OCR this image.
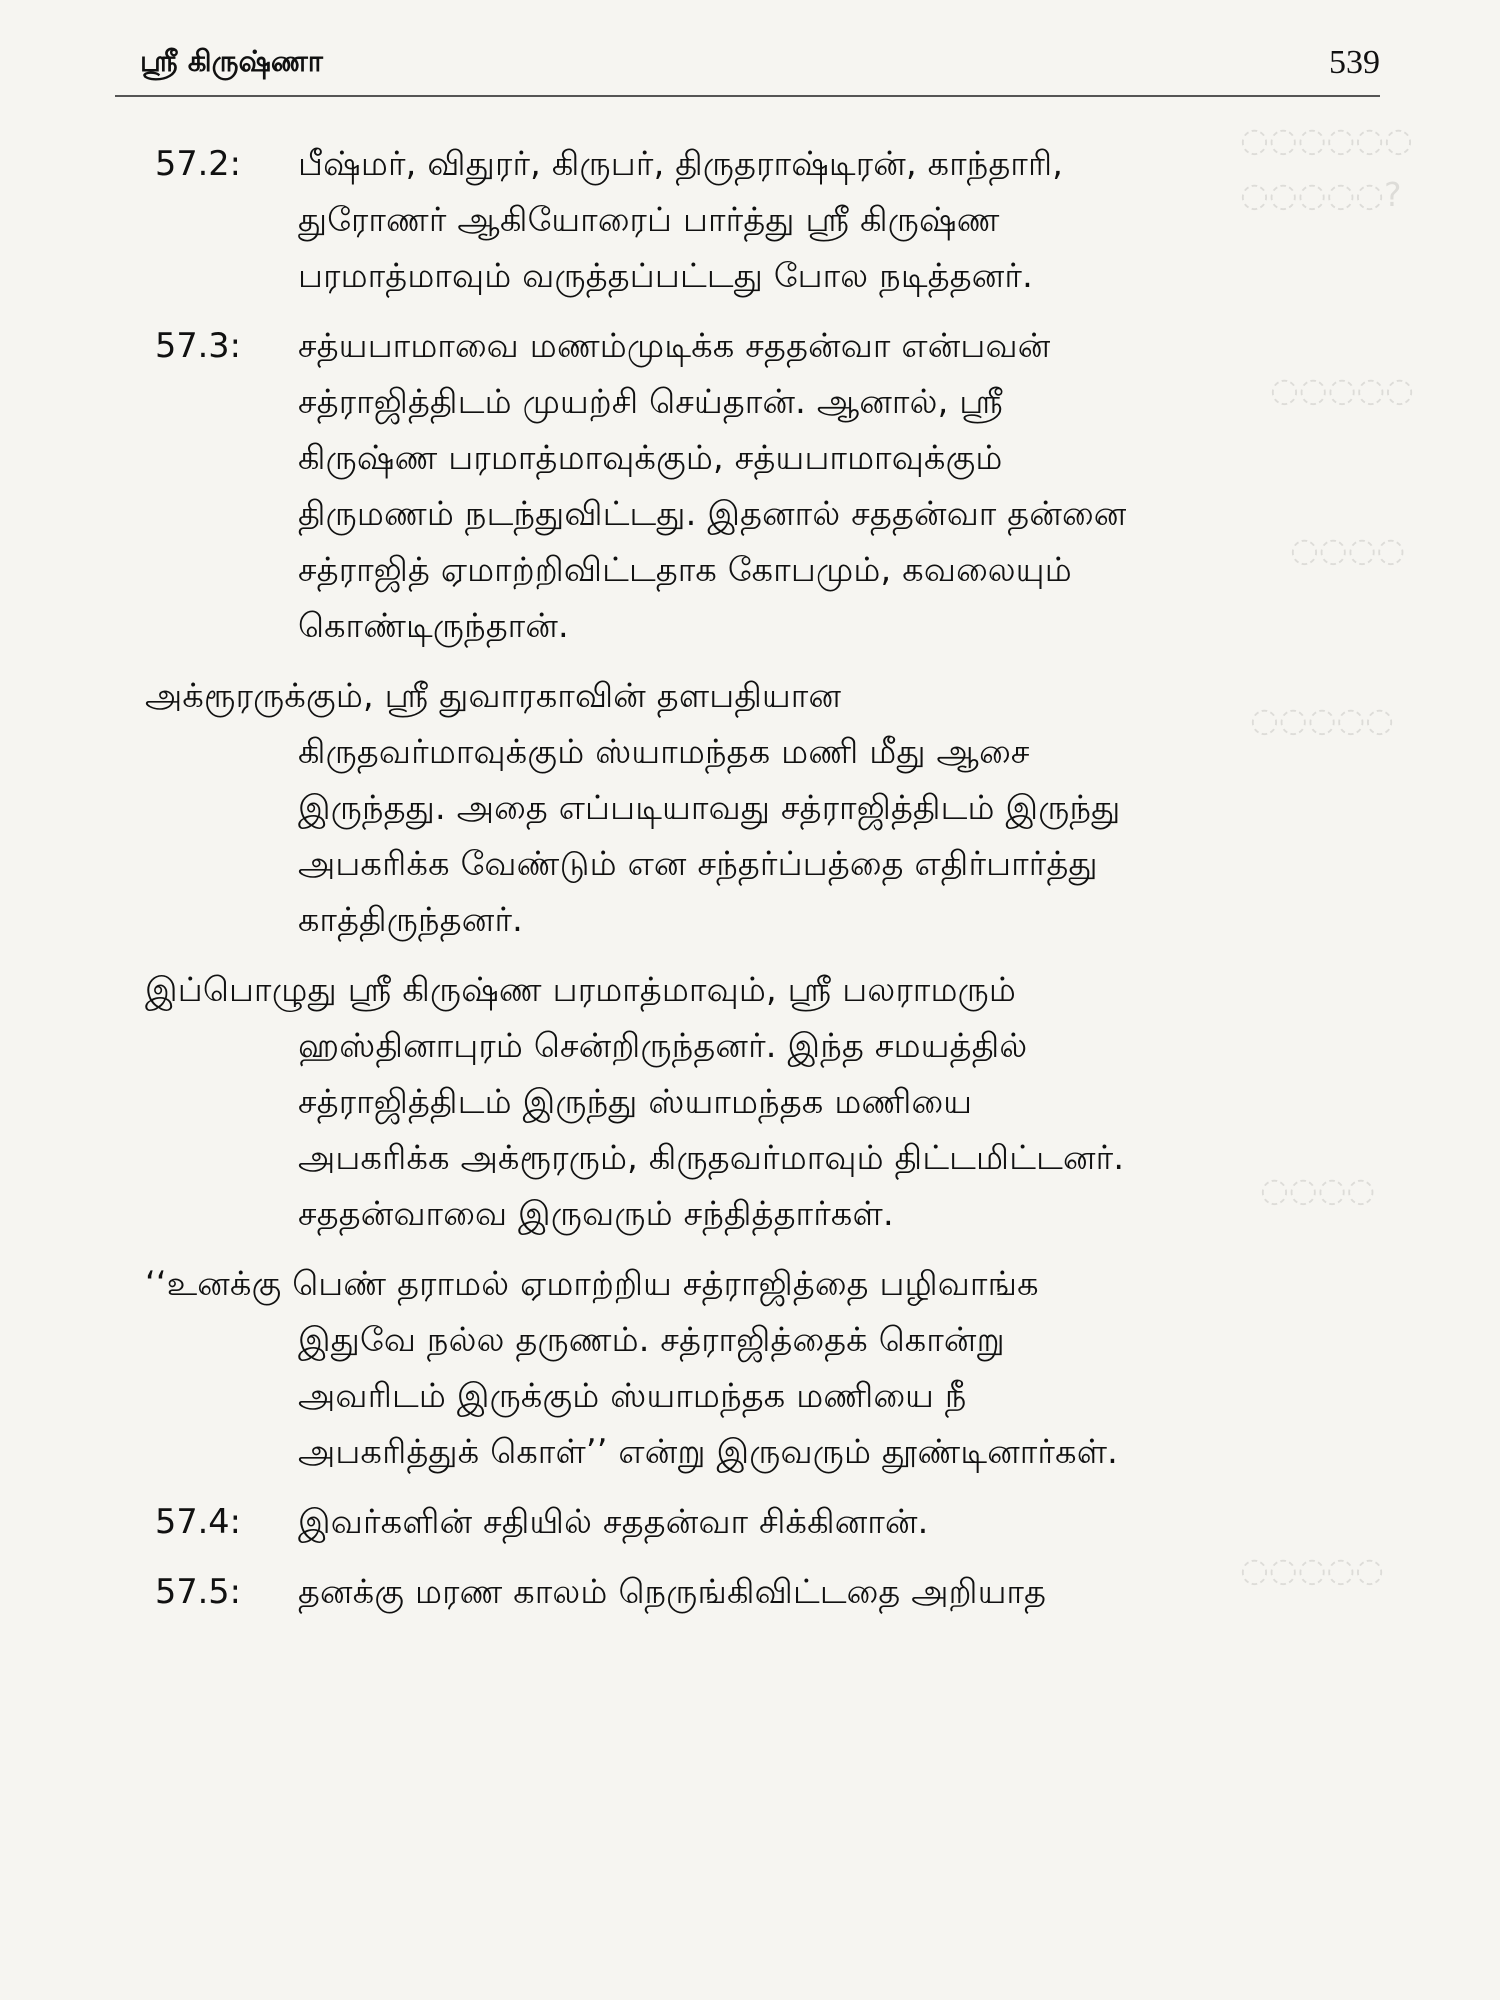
◌◌◌◌◌◌
◌◌◌◌◌?
◌◌◌◌◌
◌◌◌◌
◌◌◌◌◌
◌◌◌◌
◌◌◌◌◌
ஸ்ரீ கிருஷ்ணா	539
57.2:	பீஷ்மர், விதுரர், கிருபர், திருதராஷ்டிரன், காந்தாரி,
துரோணர் ஆகியோரைப் பார்த்து ஸ்ரீ கிருஷ்ண
பரமாத்மாவும் வருத்தப்பட்டது போல நடித்தனர்.
57.3:	சத்யபாமாவை மணம்முடிக்க சததன்வா என்பவன்
சத்ராஜித்திடம் முயற்சி செய்தான். ஆனால், ஸ்ரீ
கிருஷ்ண பரமாத்மாவுக்கும், சத்யபாமாவுக்கும்
திருமணம் நடந்துவிட்டது. இதனால் சததன்வா தன்னை
சத்ராஜித் ஏமாற்றிவிட்டதாக கோபமும், கவலையும்
கொண்டிருந்தான்.
அக்ரூரருக்கும், ஸ்ரீ துவாரகாவின் தளபதியான
கிருதவர்மாவுக்கும் ஸ்யாமந்தக மணி மீது ஆசை
இருந்தது. அதை எப்படியாவது சத்ராஜித்திடம் இருந்து
அபகரிக்க வேண்டும் என சந்தர்ப்பத்தை எதிர்பார்த்து
காத்திருந்தனர்.
இப்பொழுது ஸ்ரீ கிருஷ்ண பரமாத்மாவும், ஸ்ரீ பலராமரும்
ஹஸ்தினாபுரம் சென்றிருந்தனர். இந்த சமயத்தில்
சத்ராஜித்திடம் இருந்து ஸ்யாமந்தக மணியை
அபகரிக்க அக்ரூரரும், கிருதவர்மாவும் திட்டமிட்டனர்.
சததன்வாவை இருவரும் சந்தித்தார்கள்.
‘‘உனக்கு பெண் தராமல் ஏமாற்றிய சத்ராஜித்தை பழிவாங்க
இதுவே நல்ல தருணம். சத்ராஜித்தைக் கொன்று
அவரிடம் இருக்கும் ஸ்யாமந்தக மணியை நீ
அபகரித்துக் கொள்’’ என்று இருவரும் தூண்டினார்கள்.
57.4:	இவர்களின் சதியில் சததன்வா சிக்கினான்.
57.5:	தனக்கு மரண காலம் நெருங்கிவிட்டதை அறியாத
